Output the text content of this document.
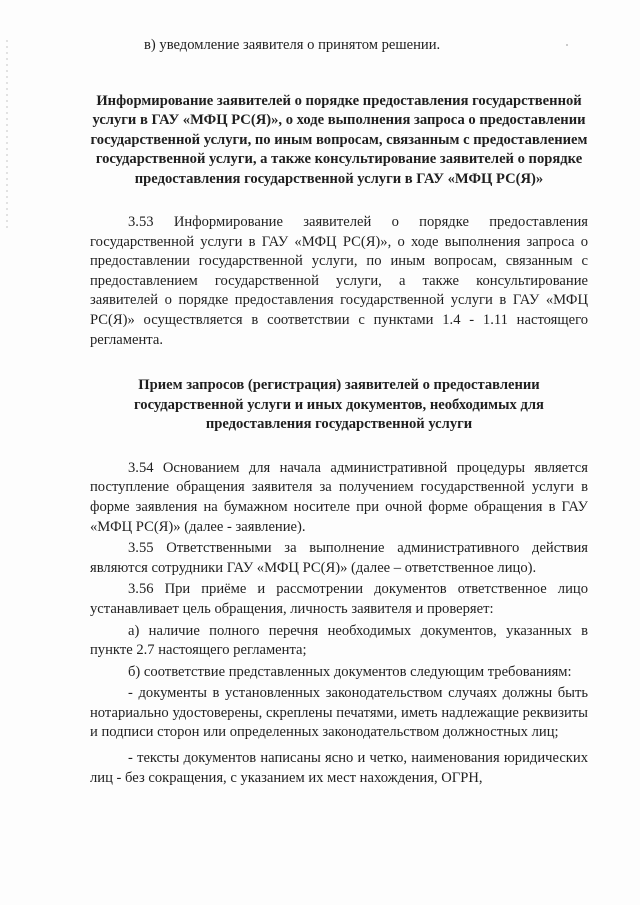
в) уведомление заявителя о принятом решении.

Информирование заявителей о порядке предоставления государственной услуги в ГАУ «МФЦ РС(Я)», о ходе выполнения запроса о предоставлении государственной услуги, по иным вопросам, связанным с предоставлением государственной услуги, а также консультирование заявителей о порядке предоставления государственной услуги в ГАУ «МФЦ РС(Я)»

3.53 Информирование заявителей о порядке предоставления государственной услуги в ГАУ «МФЦ РС(Я)», о ходе выполнения запроса о предоставлении государственной услуги, по иным вопросам, связанным с предоставлением государственной услуги, а также консультирование заявителей о порядке предоставления государственной услуги в ГАУ «МФЦ РС(Я)» осуществляется в соответствии с пунктами 1.4 - 1.11 настоящего регламента.

Прием запросов (регистрация) заявителей о предоставлении государственной услуги и иных документов, необходимых для предоставления государственной услуги

3.54 Основанием для начала административной процедуры является поступление обращения заявителя за получением государственной услуги в форме заявления на бумажном носителе при очной форме обращения в ГАУ «МФЦ РС(Я)» (далее - заявление).

3.55 Ответственными за выполнение административного действия являются сотрудники ГАУ «МФЦ РС(Я)» (далее – ответственное лицо).

3.56 При приёме и рассмотрении документов ответственное лицо устанавливает цель обращения, личность заявителя и проверяет:

а) наличие полного перечня необходимых документов, указанных в пункте 2.7 настоящего регламента;

б) соответствие представленных документов следующим требованиям:

- документы в установленных законодательством случаях должны быть нотариально удостоверены, скреплены печатями, иметь надлежащие реквизиты и подписи сторон или определенных законодательством должностных лиц;

- тексты документов написаны ясно и четко, наименования юридических лиц - без сокращения, с указанием их мест нахождения, ОГРН,
